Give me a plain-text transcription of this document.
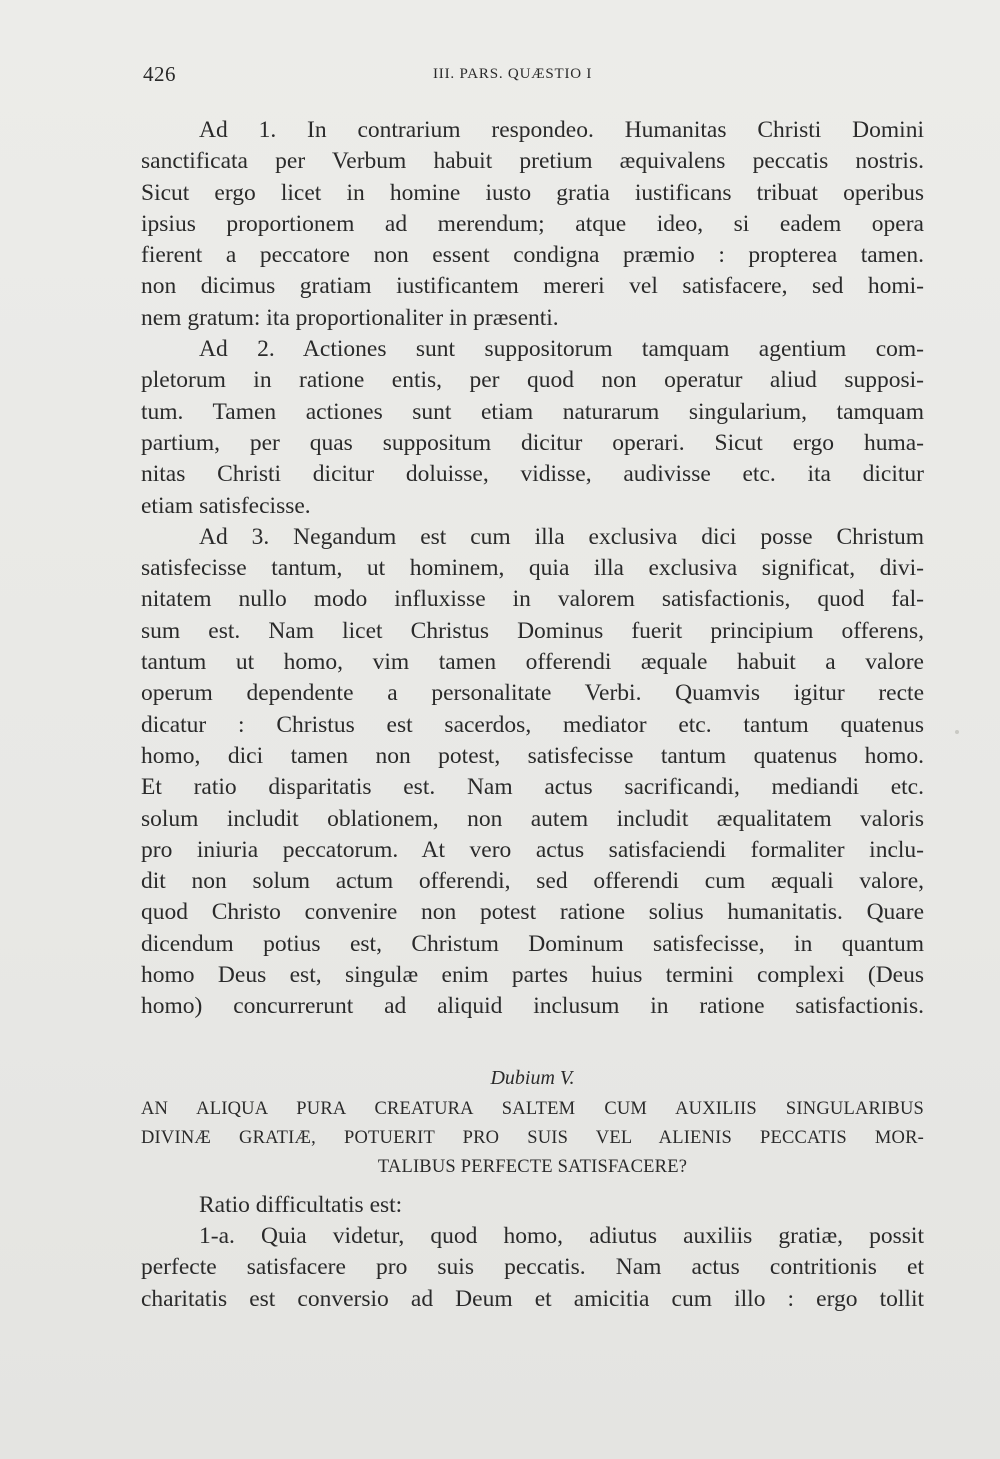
426	III. PARS. QUÆSTIO I
Ad 1. In contrarium respondeo. Humanitas Christi Domini
sanctificata per Verbum habuit pretium æquivalens peccatis nostris.
Sicut ergo licet in homine iusto gratia iustificans tribuat operibus
ipsius proportionem ad merendum; atque ideo, si eadem opera
fierent a peccatore non essent condigna præmio : propterea tamen.
non dicimus gratiam iustificantem mereri vel satisfacere, sed homi-
nem gratum: ita proportionaliter in præsenti.
Ad 2. Actiones sunt suppositorum tamquam agentium com-
pletorum in ratione entis, per quod non operatur aliud supposi-
tum. Tamen actiones sunt etiam naturarum singularium, tamquam
partium, per quas suppositum dicitur operari. Sicut ergo huma-
nitas Christi dicitur doluisse, vidisse, audivisse etc. ita dicitur
etiam satisfecisse.
Ad 3. Negandum est cum illa exclusiva dici posse Christum
satisfecisse tantum, ut hominem, quia illa exclusiva significat, divi-
nitatem nullo modo influxisse in valorem satisfactionis, quod fal-
sum est. Nam licet Christus Dominus fuerit principium offerens,
tantum ut homo, vim tamen offerendi æquale habuit a valore
operum dependente a personalitate Verbi. Quamvis igitur recte
dicatur : Christus est sacerdos, mediator etc. tantum quatenus
homo, dici tamen non potest, satisfecisse tantum quatenus homo.
Et ratio disparitatis est. Nam actus sacrificandi, mediandi etc.
solum includit oblationem, non autem includit æqualitatem valoris
pro iniuria peccatorum. At vero actus satisfaciendi formaliter inclu-
dit non solum actum offerendi, sed offerendi cum æquali valore,
quod Christo convenire non potest ratione solius humanitatis. Quare
dicendum potius est, Christum Dominum satisfecisse, in quantum
homo Deus est, singulæ enim partes huius termini complexi (Deus
homo) concurrerunt ad aliquid inclusum in ratione satisfactionis.
Dubium V.
AN ALIQUA PURA CREATURA SALTEM CUM AUXILIIS SINGULARIBUS
DIVINÆ GRATIÆ, POTUERIT PRO SUIS VEL ALIENIS PECCATIS MOR-
TALIBUS PERFECTE SATISFACERE?
Ratio difficultatis est:
1-a. Quia videtur, quod homo, adiutus auxiliis gratiæ, possit
perfecte satisfacere pro suis peccatis. Nam actus contritionis et
charitatis est conversio ad Deum et amicitia cum illo : ergo tollit
